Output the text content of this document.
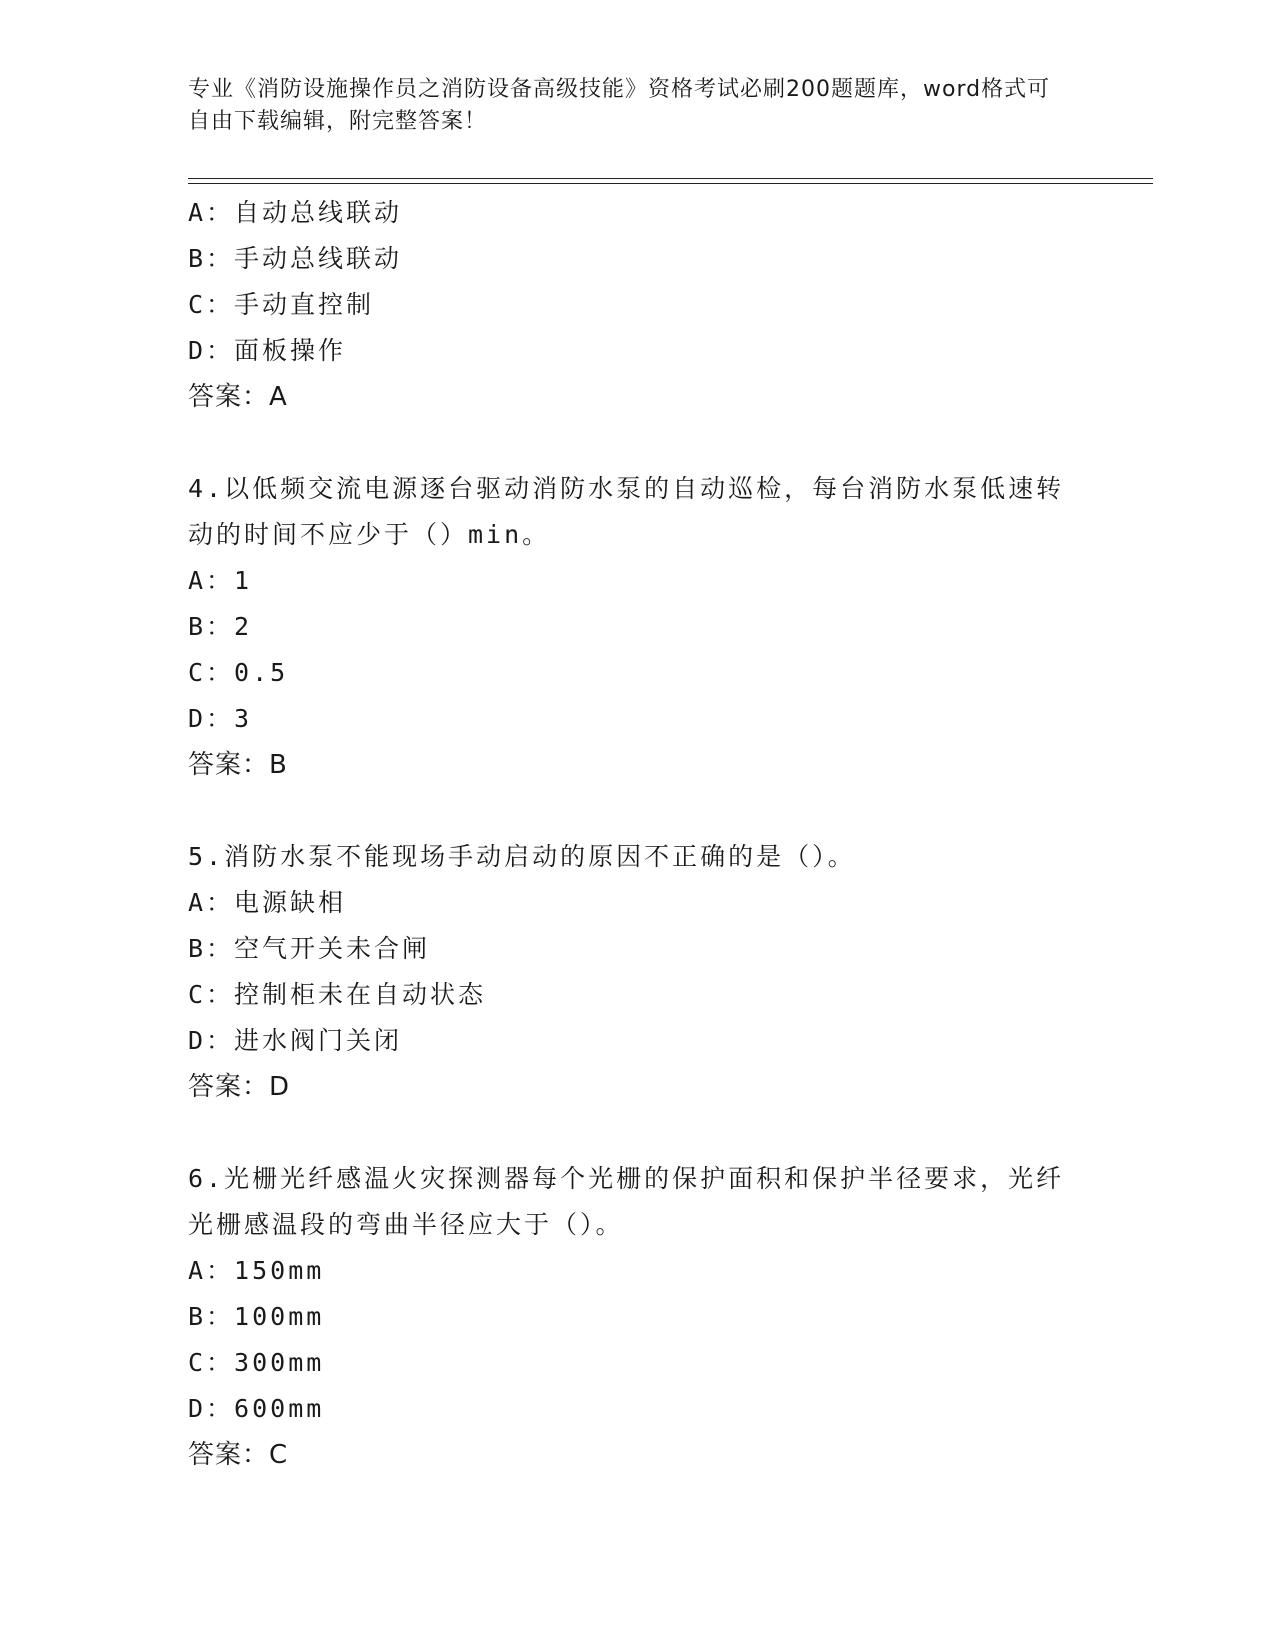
专业《消防设施操作员之消防设备高级技能》资格考试必刷200题题库，word格式可自由下载编辑，附完整答案！
A：自动总线联动
B：手动总线联动
C：手动直控制
D：面板操作
答案：A
4.以低频交流电源逐台驱动消防水泵的自动巡检，每台消防水泵低速转动的时间不应少于（）min。
A：1
B：2
C：0.5
D：3
答案：B
5.消防水泵不能现场手动启动的原因不正确的是（）。
A：电源缺相
B：空气开关未合闸
C：控制柜未在自动状态
D：进水阀门关闭
答案：D
6.光栅光纤感温火灾探测器每个光栅的保护面积和保护半径要求，光纤光栅感温段的弯曲半径应大于（）。
A：150mm
B：100mm
C：300mm
D：600mm
答案：C
